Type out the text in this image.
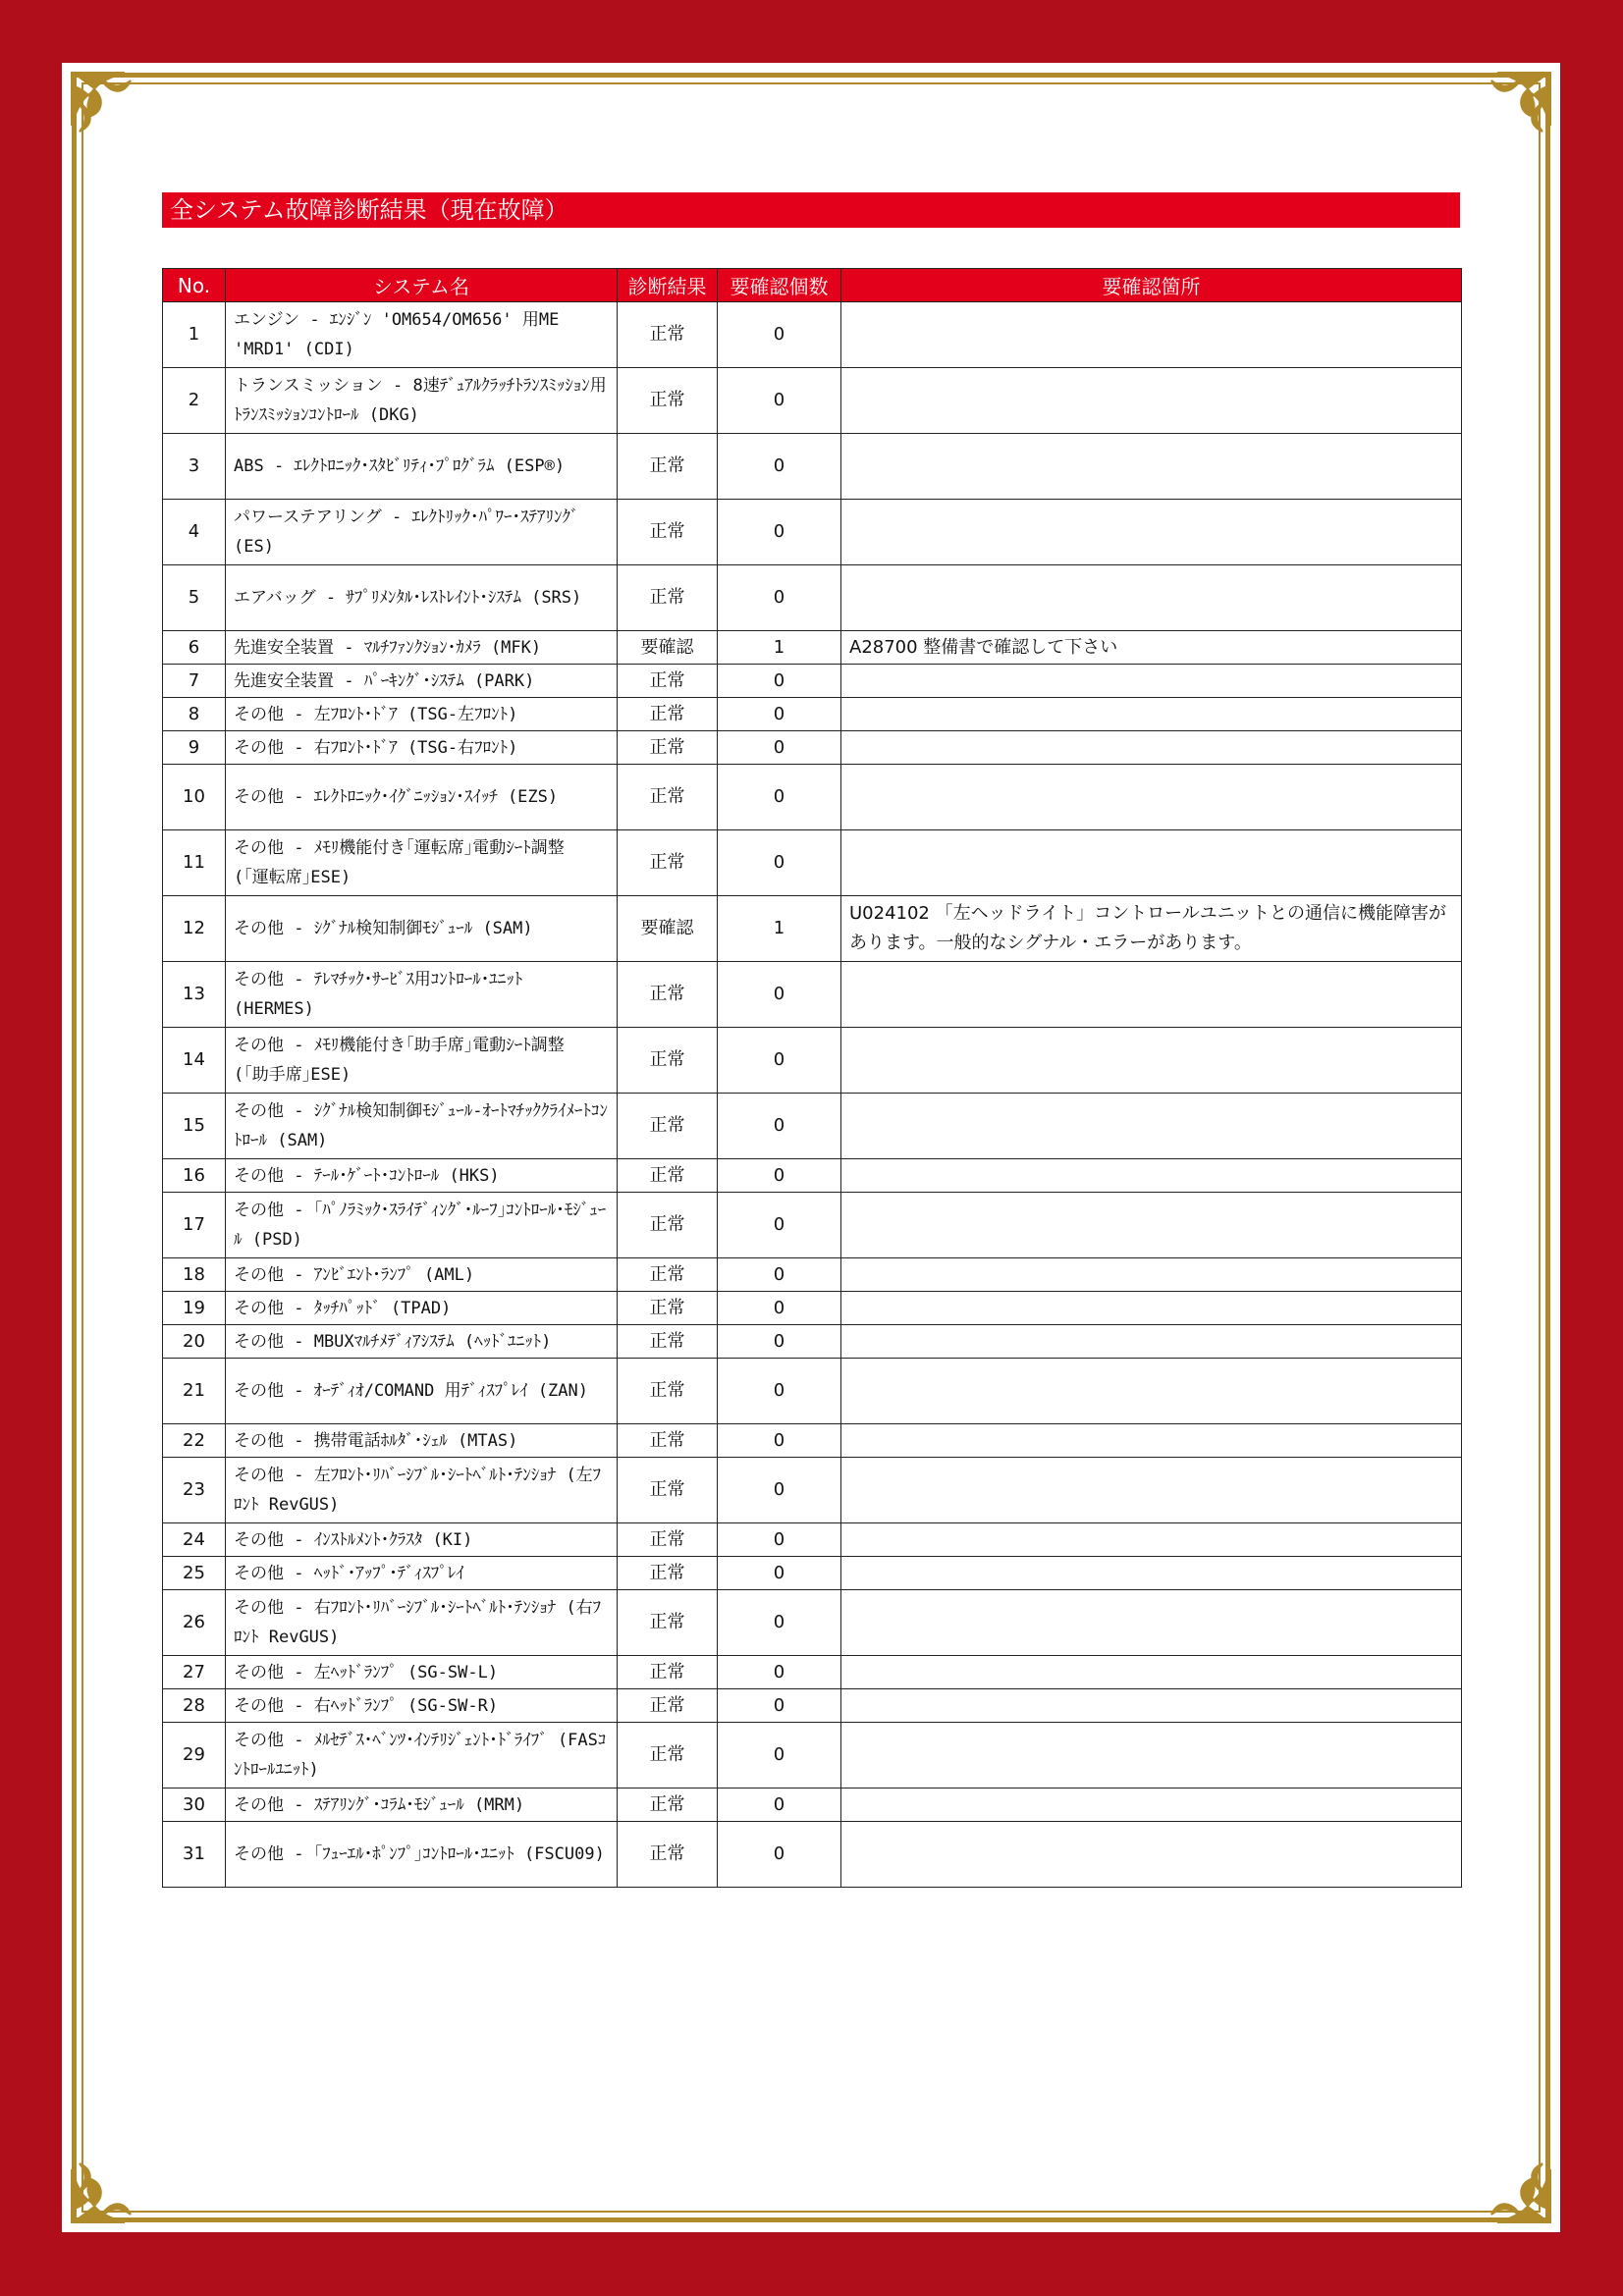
全システム故障診断結果（現在故障）
No.	システム名	診断結果	要確認個数	要確認箇所
1	エンジン - ｴﾝｼﾞﾝ 'OM654/OM656' 用ME 'MRD1' (CDI)	正常	0	
2	トランスミッション - 8速ﾃﾞｭｱﾙｸﾗｯﾁﾄﾗﾝｽﾐｯｼｮﾝ用ﾄﾗﾝｽﾐｯｼｮﾝｺﾝﾄﾛｰﾙ (DKG)	正常	0	
3	ABS - ｴﾚｸﾄﾛﾆｯｸ･ｽﾀﾋﾞﾘﾃｨ･ﾌﾟﾛｸﾞﾗﾑ (ESP®)	正常	0	
4	パワーステアリング - ｴﾚｸﾄﾘｯｸ･ﾊﾟﾜｰ･ｽﾃｱﾘﾝｸﾞ (ES)	正常	0	
5	エアバッグ - ｻﾌﾟﾘﾒﾝﾀﾙ･ﾚｽﾄﾚｲﾝﾄ･ｼｽﾃﾑ (SRS)	正常	0	
6	先進安全装置 - ﾏﾙﾁﾌｧﾝｸｼｮﾝ･ｶﾒﾗ (MFK)	要確認	1	A28700 整備書で確認して下さい
7	先進安全装置 - ﾊﾟｰｷﾝｸﾞ･ｼｽﾃﾑ (PARK)	正常	0	
8	その他 - 左ﾌﾛﾝﾄ･ﾄﾞｱ (TSG-左ﾌﾛﾝﾄ)	正常	0	
9	その他 - 右ﾌﾛﾝﾄ･ﾄﾞｱ (TSG-右ﾌﾛﾝﾄ)	正常	0	
10	その他 - ｴﾚｸﾄﾛﾆｯｸ･ｲｸﾞﾆｯｼｮﾝ･ｽｲｯﾁ (EZS)	正常	0	
11	その他 - ﾒﾓﾘ機能付き｢運転席｣電動ｼｰﾄ調整 (｢運転席｣ESE)	正常	0	
12	その他 - ｼｸﾞﾅﾙ検知制御ﾓｼﾞｭｰﾙ (SAM)	要確認	1	U024102 「左ヘッドライト」コントロールユニットとの通信に機能障害があります。一般的なシグナル・エラーがあります。
13	その他 - ﾃﾚﾏﾁｯｸ･ｻｰﾋﾞｽ用ｺﾝﾄﾛｰﾙ･ﾕﾆｯﾄ (HERMES)	正常	0	
14	その他 - ﾒﾓﾘ機能付き｢助手席｣電動ｼｰﾄ調整 (｢助手席｣ESE)	正常	0	
15	その他 - ｼｸﾞﾅﾙ検知制御ﾓｼﾞｭｰﾙ-ｵｰﾄﾏﾁｯｸｸﾗｲﾒｰﾄｺﾝﾄﾛｰﾙ (SAM)	正常	0	
16	その他 - ﾃｰﾙ･ｹﾞｰﾄ･ｺﾝﾄﾛｰﾙ (HKS)	正常	0	
17	その他 - ｢ﾊﾟﾉﾗﾐｯｸ･ｽﾗｲﾃﾞｨﾝｸﾞ･ﾙｰﾌ｣ｺﾝﾄﾛｰﾙ･ﾓｼﾞｭｰﾙ (PSD)	正常	0	
18	その他 - ｱﾝﾋﾞｴﾝﾄ･ﾗﾝﾌﾟ (AML)	正常	0	
19	その他 - ﾀｯﾁﾊﾟｯﾄﾞ (TPAD)	正常	0	
20	その他 - MBUXﾏﾙﾁﾒﾃﾞｨｱｼｽﾃﾑ (ﾍｯﾄﾞﾕﾆｯﾄ)	正常	0	
21	その他 - ｵｰﾃﾞｨｵ/COMAND 用ﾃﾞｨｽﾌﾟﾚｲ (ZAN)	正常	0	
22	その他 - 携帯電話ﾎﾙﾀﾞ･ｼｪﾙ (MTAS)	正常	0	
23	その他 - 左ﾌﾛﾝﾄ･ﾘﾊﾞｰｼﾌﾞﾙ･ｼｰﾄﾍﾞﾙﾄ･ﾃﾝｼｮﾅ (左ﾌﾛﾝﾄ RevGUS)	正常	0	
24	その他 - ｲﾝｽﾄﾙﾒﾝﾄ･ｸﾗｽﾀ (KI)	正常	0	
25	その他 - ﾍｯﾄﾞ･ｱｯﾌﾟ･ﾃﾞｨｽﾌﾟﾚｲ	正常	0	
26	その他 - 右ﾌﾛﾝﾄ･ﾘﾊﾞｰｼﾌﾞﾙ･ｼｰﾄﾍﾞﾙﾄ･ﾃﾝｼｮﾅ (右ﾌﾛﾝﾄ RevGUS)	正常	0	
27	その他 - 左ﾍｯﾄﾞﾗﾝﾌﾟ (SG-SW-L)	正常	0	
28	その他 - 右ﾍｯﾄﾞﾗﾝﾌﾟ (SG-SW-R)	正常	0	
29	その他 - ﾒﾙｾﾃﾞｽ･ﾍﾞﾝﾂ･ｲﾝﾃﾘｼﾞｪﾝﾄ･ﾄﾞﾗｲﾌﾞ (FASｺﾝﾄﾛｰﾙﾕﾆｯﾄ)	正常	0	
30	その他 - ｽﾃｱﾘﾝｸﾞ･ｺﾗﾑ･ﾓｼﾞｭｰﾙ (MRM)	正常	0	
31	その他 - ｢ﾌｭｰｴﾙ･ﾎﾟﾝﾌﾟ｣ｺﾝﾄﾛｰﾙ･ﾕﾆｯﾄ (FSCU09)	正常	0	
